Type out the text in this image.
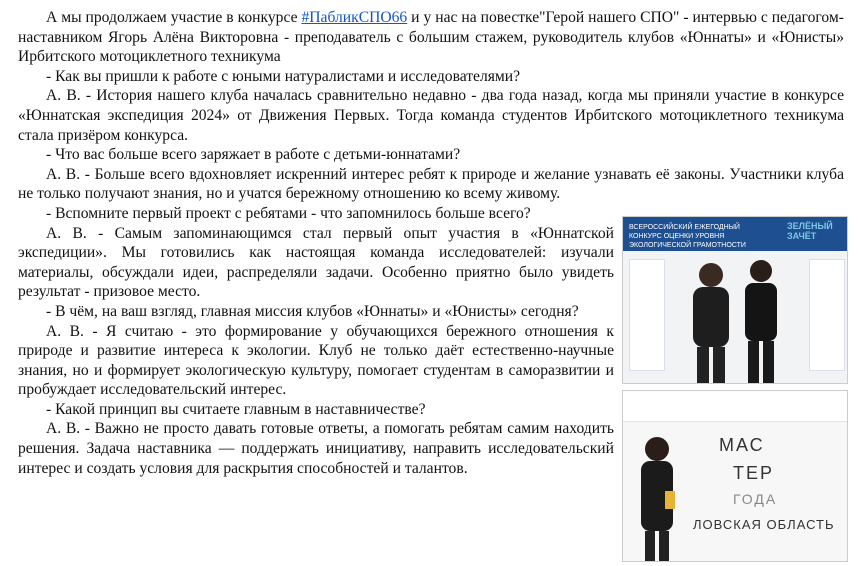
А мы продолжаем участие в конкурсе #ПабликСПО66 и у нас на повестке"Герой нашего СПО" - интервью с педагогом-наставником Ягорь Алёна Викторовна - преподаватель с большим стажем, руководитель клубов «Юннаты» и «Юнисты» Ирбитского мотоциклетного техникума

- Как вы пришли к работе с юными натуралистами и исследователями?

А. В. - История нашего клуба началась сравнительно недавно - два года назад, когда мы приняли участие в конкурсе «Юннатская экспедиция 2024» от Движения Первых. Тогда команда студентов Ирбитского мотоциклетного техникума стала призёром конкурса.

- Что вас больше всего заряжает в работе с детьми-юннатами?

А. В. - Больше всего вдохновляет искренний интерес ребят к природе и желание узнавать её законы. Участники клуба не только получают знания, но и учатся бережному отношению ко всему живому.

- Вспомните первый проект с ребятами - что запомнилось больше всего?

А. В. - Самым запоминающимся стал первый опыт участия в «Юннатской экспедиции». Мы готовились как настоящая команда исследователей: изучали материалы, обсуждали идеи, распределяли задачи. Особенно приятно было увидеть результат - призовое место.

- В чём, на ваш взгляд, главная миссия клубов «Юннаты» и «Юнисты» сегодня?

А. В. - Я считаю - это формирование у обучающихся бережного отношения к природе и развитие интереса к экологии. Клуб не только даёт естественно-научные знания, но и формирует экологическую культуру, помогает студентам в саморазвитии и пробуждает исследовательский интерес.

- Какой принцип вы считаете главным в наставничестве?

А. В. - Важно не просто давать готовые ответы, а помогать ребятам самим находить решения. Задача наставника — поддержать инициативу, направить исследовательский интерес и создать условия для раскрытия способностей и талантов.

ВСЕРОССИЙСКИЙ ЕЖЕГОДНЫЙ КОНКУРС ОЦЕНКИ УРОВНЯ ЭКОЛОГИЧЕСКОЙ ГРАМОТНОСТИ
ЗЕЛЁНЫЙ ЗАЧЁТ
МАС
ТЕР
ГОДА
ЛОВСКАЯ ОБЛАСТЬ
